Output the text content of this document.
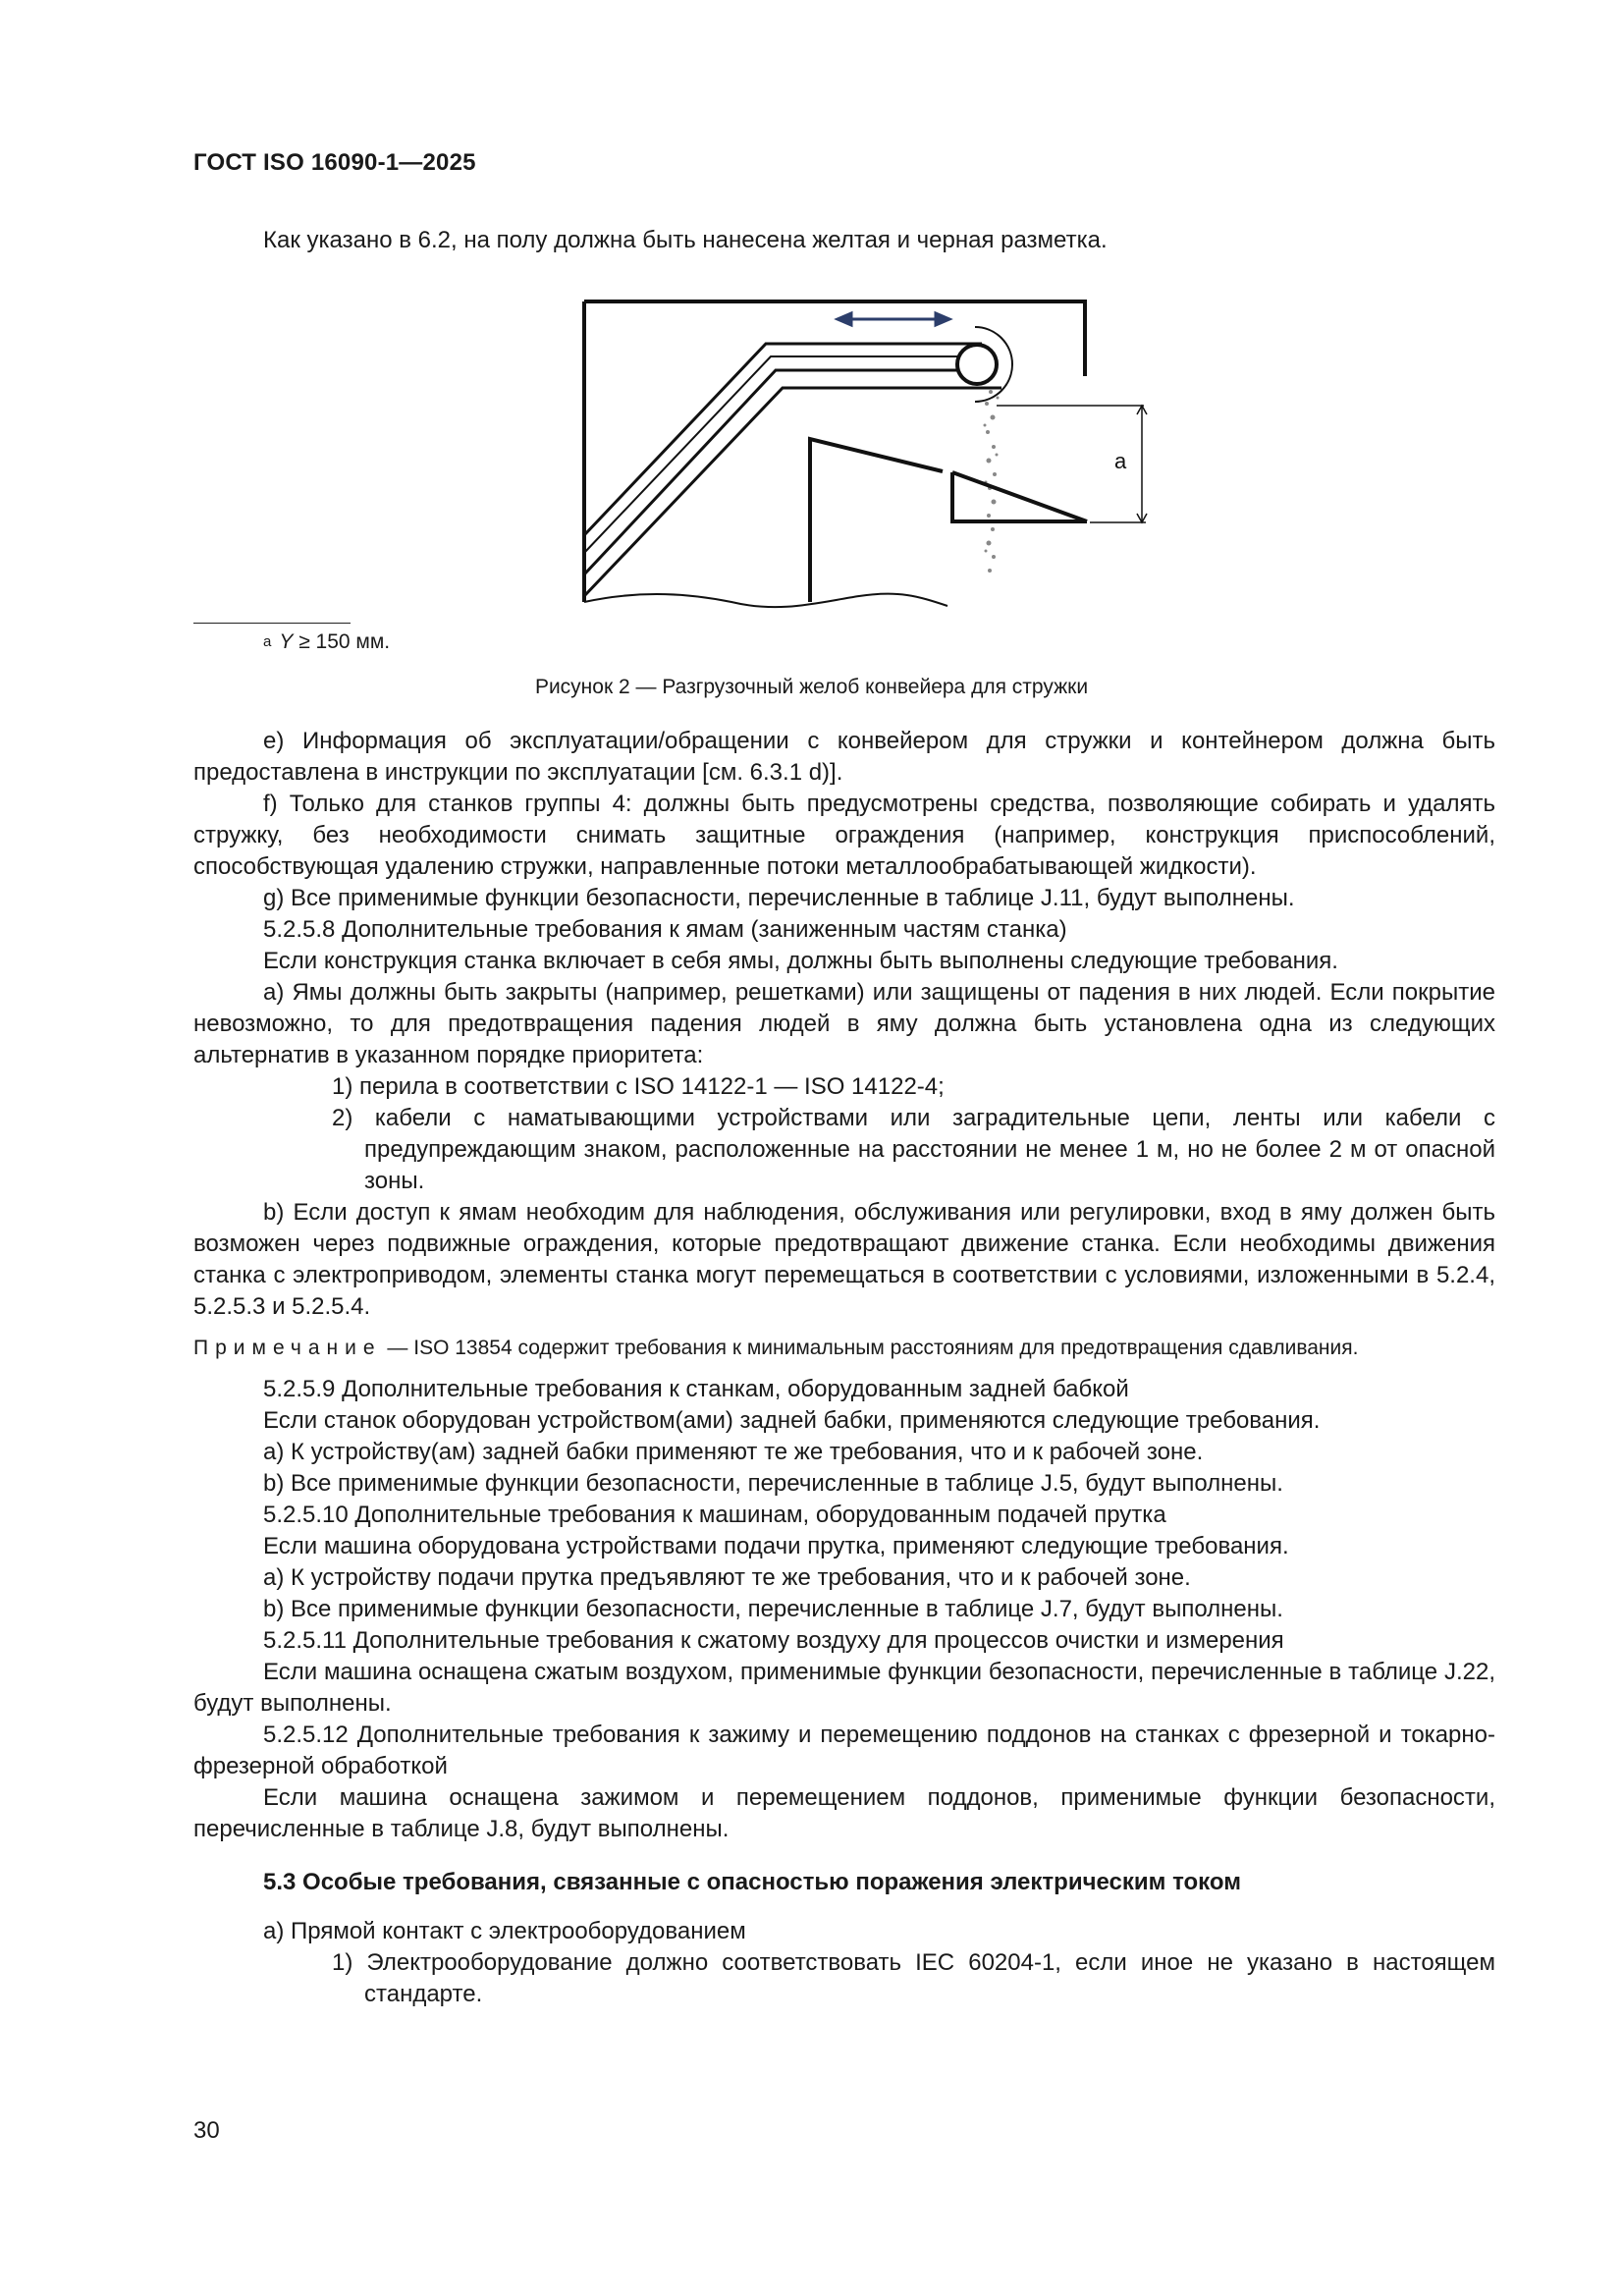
ГОСТ ISO 16090-1—2025
Как указано в 6.2, на полу должна быть нанесена желтая и черная разметка.
a
$^a$ Y ≥ 150 мм.
Рисунок 2 — Разгрузочный желоб конвейера для стружки

e) Информация об эксплуатации/обращении с конвейером для стружки и контейнером должна быть предоставлена в инструкции по эксплуатации [см. 6.3.1 d)].

f) Только для станков группы 4: должны быть предусмотрены средства, позволяющие собирать и удалять стружку, без необходимости снимать защитные ограждения (например, конструкция приспособлений, способствующая удалению стружки, направленные потоки металлообрабатывающей жидкости).

g) Все применимые функции безопасности, перечисленные в таблице J.11, будут выполнены.

5.2.5.8 Дополнительные требования к ямам (заниженным частям станка)

Если конструкция станка включает в себя ямы, должны быть выполнены следующие требования.

a) Ямы должны быть закрыты (например, решетками) или защищены от падения в них людей. Если покрытие невозможно, то для предотвращения падения людей в яму должна быть установлена одна из следующих альтернатив в указанном порядке приоритета:

1) перила в соответствии с ISO 14122-1 — ISO 14122-4;

2) кабели с наматывающими устройствами или заградительные цепи, ленты или кабели с предупреждающим знаком, расположенные на расстоянии не менее 1 м, но не более 2 м от опасной зоны.

b) Если доступ к ямам необходим для наблюдения, обслуживания или регулировки, вход в яму должен быть возможен через подвижные ограждения, которые предотвращают движение станка. Если необходимы движения станка с электроприводом, элементы станка могут перемещаться в соответствии с условиями, изложенными в 5.2.4, 5.2.5.3 и 5.2.5.4.

Примечание — ISO 13854 содержит требования к минимальным расстояниям для предотвращения сдавливания.

5.2.5.9 Дополнительные требования к станкам, оборудованным задней бабкой

Если станок оборудован устройством(ами) задней бабки, применяются следующие требования.

a) К устройству(ам) задней бабки применяют те же требования, что и к рабочей зоне.

b) Все применимые функции безопасности, перечисленные в таблице J.5, будут выполнены.

5.2.5.10 Дополнительные требования к машинам, оборудованным подачей прутка

Если машина оборудована устройствами подачи прутка, применяют следующие требования.

a) К устройству подачи прутка предъявляют те же требования, что и к рабочей зоне.

b) Все применимые функции безопасности, перечисленные в таблице J.7, будут выполнены.

5.2.5.11 Дополнительные требования к сжатому воздуху для процессов очистки и измерения

Если машина оснащена сжатым воздухом, применимые функции безопасности, перечисленные в таблице J.22, будут выполнены.

5.2.5.12 Дополнительные требования к зажиму и перемещению поддонов на станках с фрезерной и токарно-фрезерной обработкой

Если машина оснащена зажимом и перемещением поддонов, применимые функции безопасности, перечисленные в таблице J.8, будут выполнены.

5.3 Особые требования, связанные с опасностью поражения электрическим током

a) Прямой контакт с электрооборудованием

1) Электрооборудование должно соответствовать IEC 60204-1, если иное не указано в настоящем стандарте.

30
